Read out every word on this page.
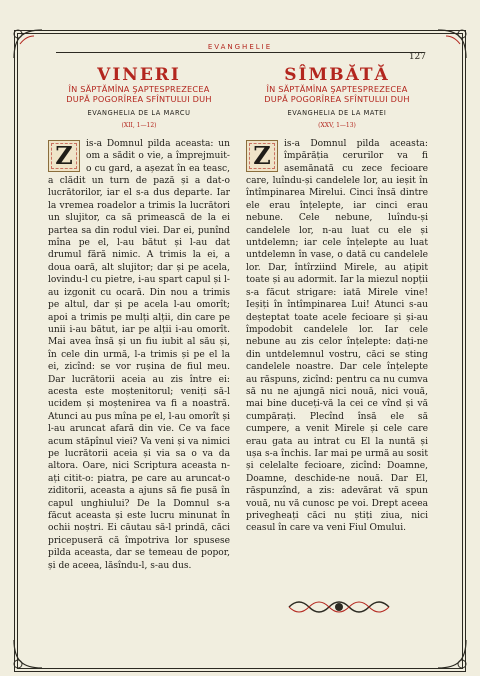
EVANGHELIE
127
VINERI
ÎN SĂPTĂMÎNA ŞAPTESPREZECEA
DUPĂ POGORÎREA SFÎNTULUI DUH
EVANGHELIA DE LA MARCU
(XII, 1—12)
Z	is-a Domnul pilda aceasta: un om a sădit o vie, a împrejmuit-o cu gard, a așezat în ea teasc, a clădit un turn de pază și a dat-o lucrătorilor, iar el s-a dus departe. Iar la vremea roadelor a trimis la lucrători un slujitor, ca să primească de la ei partea sa din rodul viei. Dar ei, punînd mîna pe el, l-au bătut și l-au dat drumul fără nimic. A trimis la ei, a doua oară, alt slujitor; dar și pe acela, lovindu-l cu pietre, i-au spart capul și l-au izgonit cu ocară. Din nou a trimis pe altul, dar și pe acela l-au omorît; apoi a trimis pe mulți alții, din care pe unii i-au bătut, iar pe alții i-au omorît. Mai avea însă și un fiu iubit al său și, în cele din urmă, l-a trimis și pe el la ei, zicînd: se vor rușina de fiul meu. Dar lucrătorii aceia au zis între ei: acesta este moștenitorul; veniți să-l ucidem și moștenirea va fi a noastră. Atunci au pus mîna pe el, l-au omorît și l-au aruncat afară din vie. Ce va face acum stăpînul viei? Va veni și va nimici pe lucrătorii aceia și via sa o va da altora. Oare, nici Scriptura aceasta n-ați citit-o: piatra, pe care au aruncat-o ziditorii, aceasta a ajuns să fie pusă în capul unghiului? De la Domnul s-a făcut aceasta și este lucru minunat în ochii noștri. Ei căutau să-l prindă, căci pricepuseră că împotriva lor spusese pilda aceasta, dar se temeau de popor, și de aceea, lăsîndu-l, s-au dus.
SÎMBĂTĂ
ÎN SĂPTĂMÎNA ŞAPTESPREZECEA
DUPĂ POGORÎREA SFÎNTULUI DUH
EVANGHELIA DE LA MATEI
(XXV, 1—13)
Z	is-a Domnul pilda aceasta: împărăția cerurilor va fi asemănată cu zece fecioare care, luîndu-și candelele lor, au ieșit în întîmpinarea Mirelui. Cinci însă dintre ele erau înțelepte, iar cinci erau nebune. Cele nebune, luîndu-și candelele lor, n-au luat cu ele și untdelemn; iar cele înțelepte au luat untdelemn în vase, o dată cu candelele lor. Dar, întîrziind Mirele, au ațipit toate și au adormit. Iar la miezul nopții s-a făcut strigare: iată Mirele vine! Ieșiți în întîmpinarea Lui! Atunci s-au deșteptat toate acele fecioare și și-au împodobit candelele lor. Iar cele nebune au zis celor înțelepte: dați-ne din untdelemnul vostru, căci se sting candelele noastre. Dar cele înțelepte au răspuns, zicînd: pentru ca nu cumva să nu ne ajungă nici nouă, nici vouă, mai bine duceți-vă la cei ce vînd și vă cumpărați. Plecînd însă ele să cumpere, a venit Mirele și cele care erau gata au intrat cu El la nuntă și ușa s-a închis. Iar mai pe urmă au sosit și celelalte fecioare, zicînd: Doamne, Doamne, deschide-ne nouă. Dar El, răspunzînd, a zis: adevărat vă spun vouă, nu vă cunosc pe voi. Drept aceea privegheați căci nu știți ziua, nici ceasul în care va veni Fiul Omului.
